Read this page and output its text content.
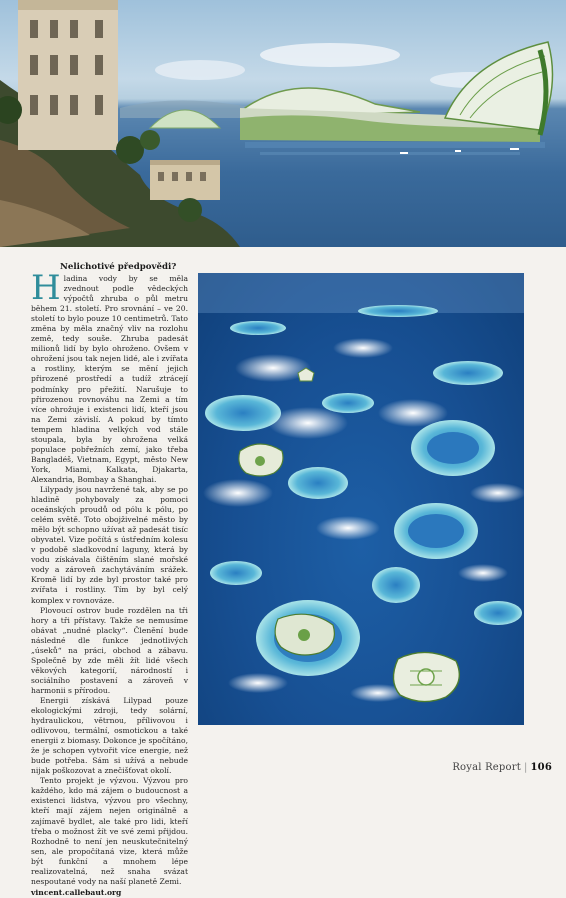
Nelichotivé předpovědi?

Hladina vody by se měla zvednout podle vědeckých výpočtů zhruba o půl metru během 21. století. Pro srovnání – ve 20. století to bylo pouze 10 centimetrů. Tato změna by měla značný vliv na rozlohu země, tedy souše. Zhruba padesát milionů lidí by bylo ohroženo. Ovšem v ohrožení jsou tak nejen lidé, ale i zvířata a rostliny, kterým se mění jejich přirozené prostředí a tudíž ztrácejí podmínky pro přežití. Narušuje to přirozenou rovnováhu na Zemi a tím více ohrožuje i existenci lidí, kteří jsou na Zemi závislí. A pokud by tímto tempem hladina velkých vod stále stoupala, byla by ohrožena velká populace pobřežních zemí, jako třeba Bangladéš, Vietnam, Egypt, město New York, Miami, Kalkata, Djakarta, Alexandria, Bombay a Shanghai.

Lilypady jsou navržené tak, aby se po hladině pohybovaly za pomoci oceánských proudů od pólu k pólu, po celém světě. Toto obojživelné město by mělo být schopno užívat až padesát tisíc obyvatel. Vize počítá s ústředním kolesu v podobě sladkovodní laguny, která by vodu získávala čištěním slané mořské vody a zároveň zachytáváním srážek. Kromě lidí by zde byl prostor také pro zvířata i rostliny. Tím by byl celý komplex v rovnováze.

Plovoucí ostrov bude rozdělen na tři hory a tři přístavy. Takže se nemusíme obávat „nudné placky“. Členění bude následné dle funkce jednotlivých „úseků“ na práci, obchod a zábavu. Společně by zde měli žít lidé všech věkových kategorií, národností i sociálního postavení a zároveň v harmonii s přírodou.

Energii získává Lilypad pouze ekologickými zdroji, tedy solární, hydraulickou, větrnou, přílivovou i odlivovou, termální, osmotickou a také energii z biomasy. Dokonce je spočítáno, že je schopen vytvořit více energie, než bude potřeba. Sám si užívá a nebude nijak poškozovat a znečišťovat okolí.

Tento projekt je výzvou. Výzvou pro každého, kdo má zájem o budoucnost a existenci lidstva, výzvou pro všechny, kteří mají zájem nejen originálně a zajímavě bydlet, ale také pro lidi, kteří třeba o možnost žít ve své zemi přijdou. Rozhodně to není jen neuskutečnitelný sen, ale propočítaná vize, která může být funkční a mnohem lépe realizovatelná, než snaha svázat nespoutané vody na naší planetě Zemi.

vincent.callebaut.org
Royal Report | 106
